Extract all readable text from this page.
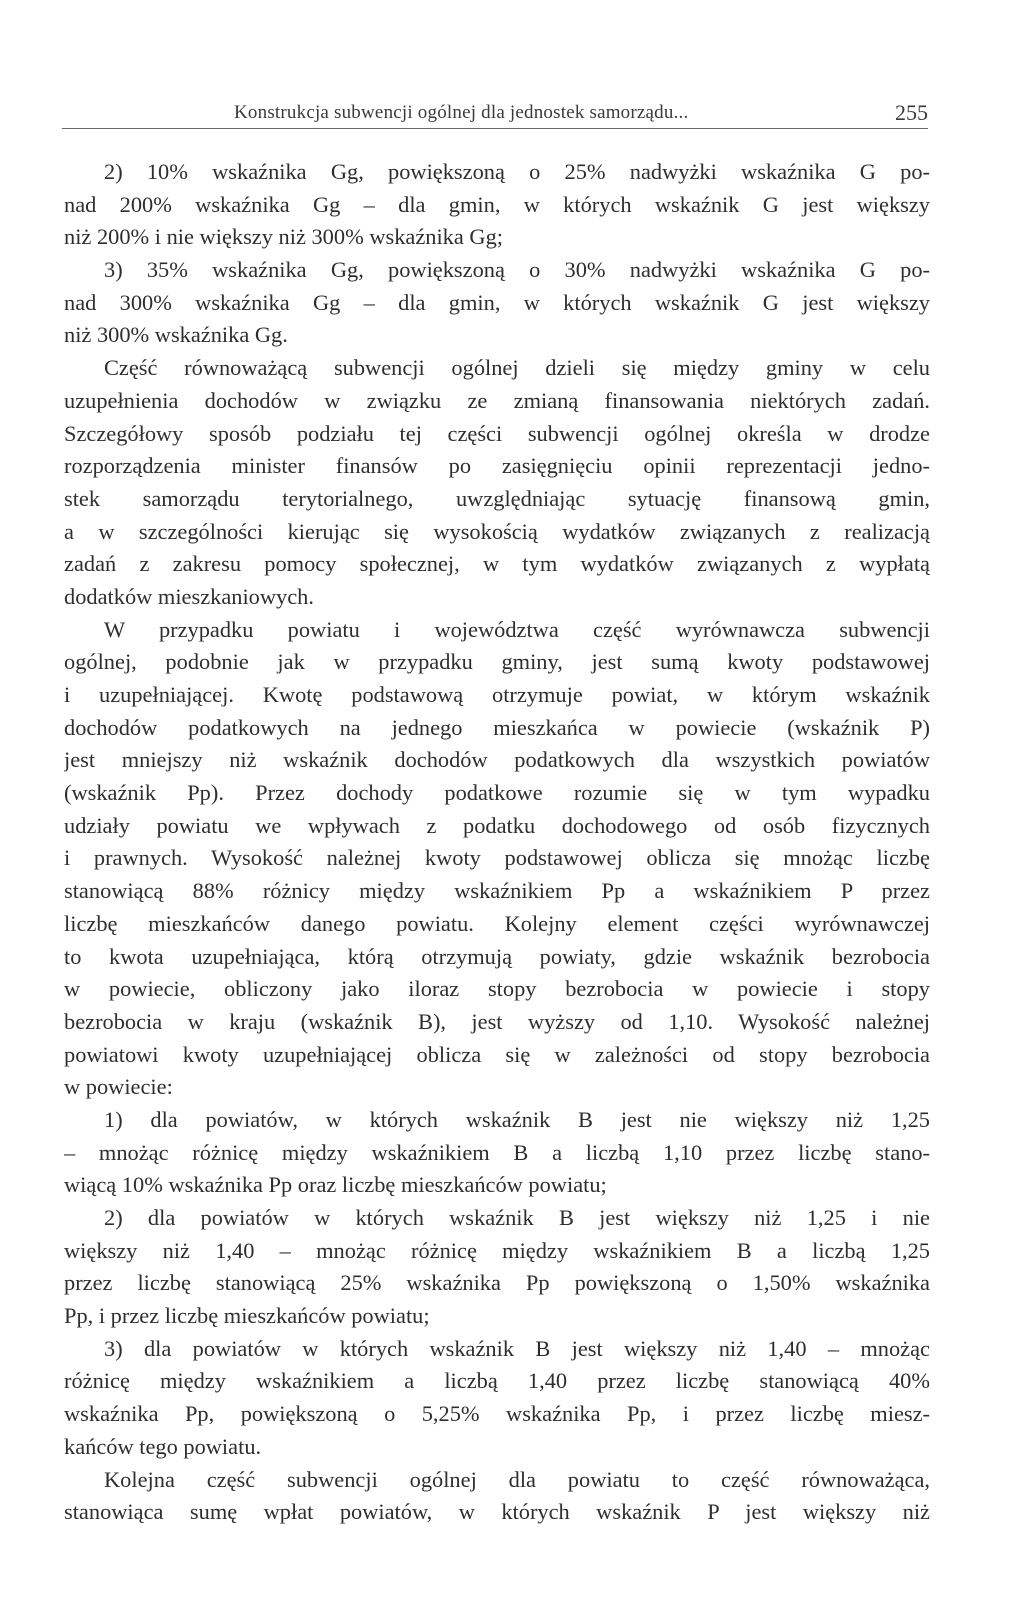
Konstrukcja subwencji ogólnej dla jednostek samorządu...	255
2) 10% wskaźnika Gg, powiększoną o 25% nadwyżki wskaźnika G po-
nad 200% wskaźnika Gg – dla gmin, w których wskaźnik G jest większy
niż 200% i nie większy niż 300% wskaźnika Gg;
3) 35% wskaźnika Gg, powiększoną o 30% nadwyżki wskaźnika G po-
nad 300% wskaźnika Gg – dla gmin, w których wskaźnik G jest większy
niż 300% wskaźnika Gg.
Część równoważącą subwencji ogólnej dzieli się między gminy w celu
uzupełnienia dochodów w związku ze zmianą finansowania niektórych zadań.
Szczegółowy sposób podziału tej części subwencji ogólnej określa w drodze
rozporządzenia minister finansów po zasięgnięciu opinii reprezentacji jedno-
stek samorządu terytorialnego, uwzględniając sytuację finansową gmin,
a w szczególności kierując się wysokością wydatków związanych z realizacją
zadań z zakresu pomocy społecznej, w tym wydatków związanych z wypłatą
dodatków mieszkaniowych.
W przypadku powiatu i województwa część wyrównawcza subwencji
ogólnej, podobnie jak w przypadku gminy, jest sumą kwoty podstawowej
i uzupełniającej. Kwotę podstawową otrzymuje powiat, w którym wskaźnik
dochodów podatkowych na jednego mieszkańca w powiecie (wskaźnik P)
jest mniejszy niż wskaźnik dochodów podatkowych dla wszystkich powiatów
(wskaźnik Pp). Przez dochody podatkowe rozumie się w tym wypadku
udziały powiatu we wpływach z podatku dochodowego od osób fizycznych
i prawnych. Wysokość należnej kwoty podstawowej oblicza się mnożąc liczbę
stanowiącą 88% różnicy między wskaźnikiem Pp a wskaźnikiem P przez
liczbę mieszkańców danego powiatu. Kolejny element części wyrównawczej
to kwota uzupełniająca, którą otrzymują powiaty, gdzie wskaźnik bezrobocia
w powiecie, obliczony jako iloraz stopy bezrobocia w powiecie i stopy
bezrobocia w kraju (wskaźnik B), jest wyższy od 1,10. Wysokość należnej
powiatowi kwoty uzupełniającej oblicza się w zależności od stopy bezrobocia
w powiecie:
1) dla powiatów, w których wskaźnik B jest nie większy niż 1,25
– mnożąc różnicę między wskaźnikiem B a liczbą 1,10 przez liczbę stano-
wiącą 10% wskaźnika Pp oraz liczbę mieszkańców powiatu;
2) dla powiatów w których wskaźnik B jest większy niż 1,25 i nie
większy niż 1,40 – mnożąc różnicę między wskaźnikiem B a liczbą 1,25
przez liczbę stanowiącą 25% wskaźnika Pp powiększoną o 1,50% wskaźnika
Pp, i przez liczbę mieszkańców powiatu;
3) dla powiatów w których wskaźnik B jest większy niż 1,40 – mnożąc
różnicę między wskaźnikiem a liczbą 1,40 przez liczbę stanowiącą 40%
wskaźnika Pp, powiększoną o 5,25% wskaźnika Pp, i przez liczbę miesz-
kańców tego powiatu.
Kolejna część subwencji ogólnej dla powiatu to część równoważąca,
stanowiąca sumę wpłat powiatów, w których wskaźnik P jest większy niż
